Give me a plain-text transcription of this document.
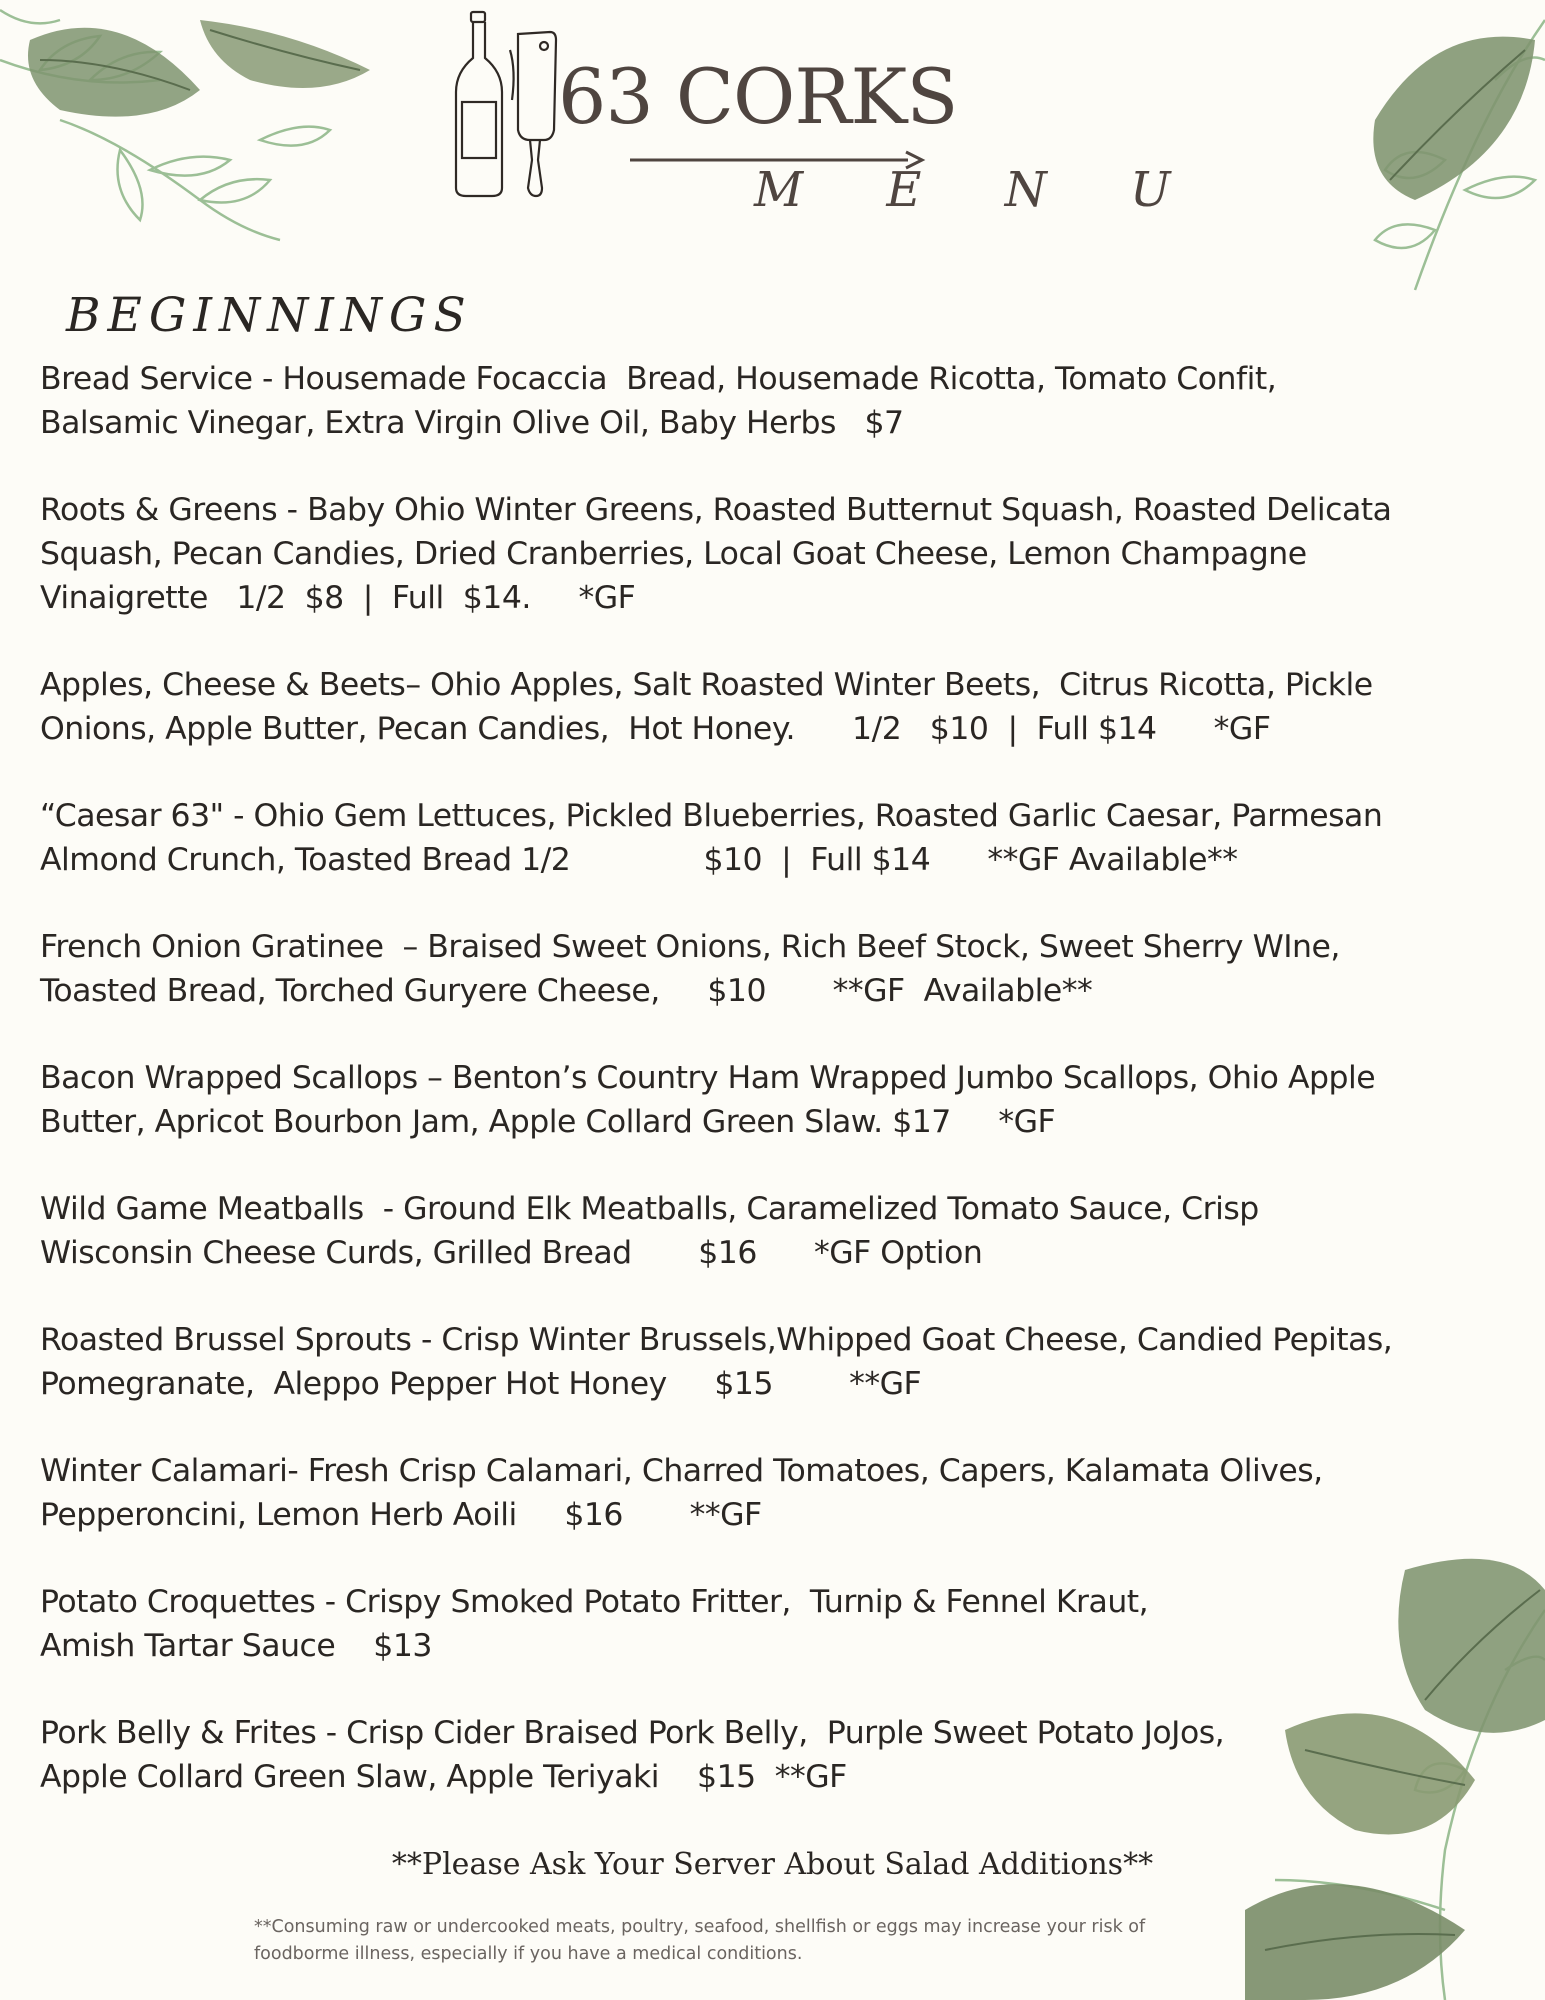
63 CORKS
M E N U
BEGINNINGS

Bread Service - Housemade Focaccia  Bread, Housemade Ricotta, Tomato Confit,
Balsamic Vinegar, Extra Virgin Olive Oil, Baby Herbs   $7

Roots & Greens - Baby Ohio Winter Greens, Roasted Butternut Squash, Roasted Delicata
Squash, Pecan Candies, Dried Cranberries, Local Goat Cheese, Lemon Champagne
Vinaigrette   1/2  $8  |  Full  $14.     *GF

Apples, Cheese & Beets– Ohio Apples, Salt Roasted Winter Beets,  Citrus Ricotta, Pickle
Onions, Apple Butter, Pecan Candies,  Hot Honey.      1/2   $10  |  Full $14      *GF

“Caesar 63" - Ohio Gem Lettuces, Pickled Blueberries, Roasted Garlic Caesar, Parmesan
Almond Crunch, Toasted Bread 1/2              $10  |  Full $14      **GF Available**

French Onion Gratinee  – Braised Sweet Onions, Rich Beef Stock, Sweet Sherry WIne,
Toasted Bread, Torched Guryere Cheese,     $10       **GF  Available**

Bacon Wrapped Scallops – Benton’s Country Ham Wrapped Jumbo Scallops, Ohio Apple
Butter, Apricot Bourbon Jam, Apple Collard Green Slaw. $17     *GF

Wild Game Meatballs  - Ground Elk Meatballs, Caramelized Tomato Sauce, Crisp
Wisconsin Cheese Curds, Grilled Bread       $16      *GF Option

Roasted Brussel Sprouts - Crisp Winter Brussels,Whipped Goat Cheese, Candied Pepitas,
Pomegranate,  Aleppo Pepper Hot Honey     $15        **GF

Winter Calamari- Fresh Crisp Calamari, Charred Tomatoes, Capers, Kalamata Olives,
Pepperoncini, Lemon Herb Aoili     $16       **GF

Potato Croquettes - Crispy Smoked Potato Fritter,  Turnip & Fennel Kraut,
Amish Tartar Sauce    $13

Pork Belly & Frites - Crisp Cider Braised Pork Belly,  Purple Sweet Potato JoJos,
Apple Collard Green Slaw, Apple Teriyaki    $15  **GF

**Please Ask Your Server About Salad Additions**
**Consuming raw or undercooked meats, poultry, seafood, shellfish or eggs may increase your risk of
foodborme illness, especially if you have a medical conditions.
